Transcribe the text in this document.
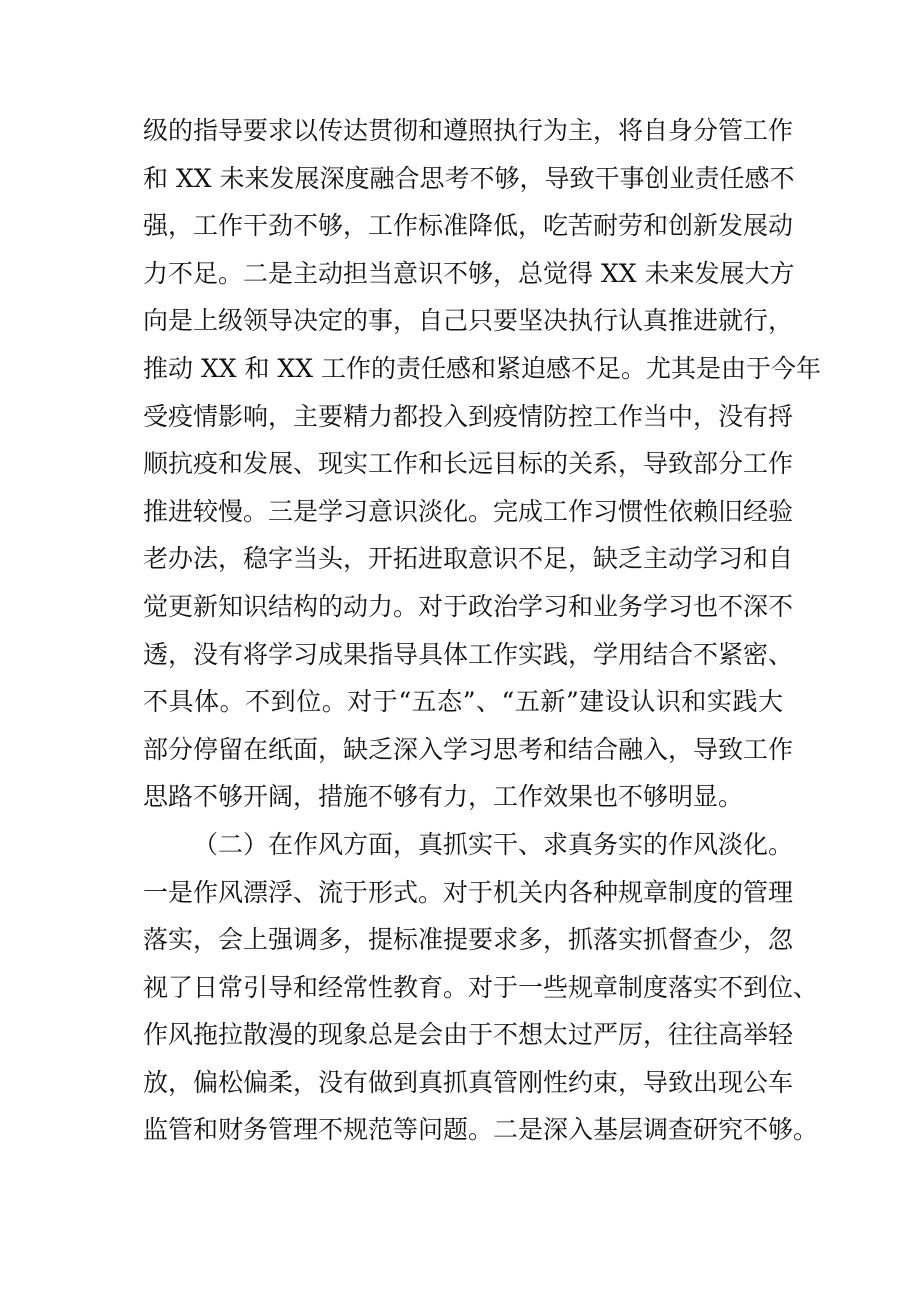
级的指导要求以传达贯彻和遵照执行为主，将自身分管工作
和 XX 未来发展深度融合思考不够，导致干事创业责任感不
强，工作干劲不够，工作标准降低，吃苦耐劳和创新发展动
力不足。二是主动担当意识不够，总觉得 XX 未来发展大方
向是上级领导决定的事，自己只要坚决执行认真推进就行，
推动 XX 和 XX 工作的责任感和紧迫感不足。尤其是由于今年
受疫情影响，主要精力都投入到疫情防控工作当中，没有捋
顺抗疫和发展、现实工作和长远目标的关系，导致部分工作
推进较慢。三是学习意识淡化。完成工作习惯性依赖旧经验
老办法，稳字当头，开拓进取意识不足，缺乏主动学习和自
觉更新知识结构的动力。对于政治学习和业务学习也不深不
透，没有将学习成果指导具体工作实践，学用结合不紧密、
不具体。不到位。对于“五态”、“五新”建设认识和实践大
部分停留在纸面，缺乏深入学习思考和结合融入，导致工作
思路不够开阔，措施不够有力，工作效果也不够明显。
（二）在作风方面，真抓实干、求真务实的作风淡化。
一是作风漂浮、流于形式。对于机关内各种规章制度的管理
落实，会上强调多，提标准提要求多，抓落实抓督查少，忽
视了日常引导和经常性教育。对于一些规章制度落实不到位、
作风拖拉散漫的现象总是会由于不想太过严厉，往往高举轻
放，偏松偏柔，没有做到真抓真管刚性约束，导致出现公车
监管和财务管理不规范等问题。二是深入基层调查研究不够。
